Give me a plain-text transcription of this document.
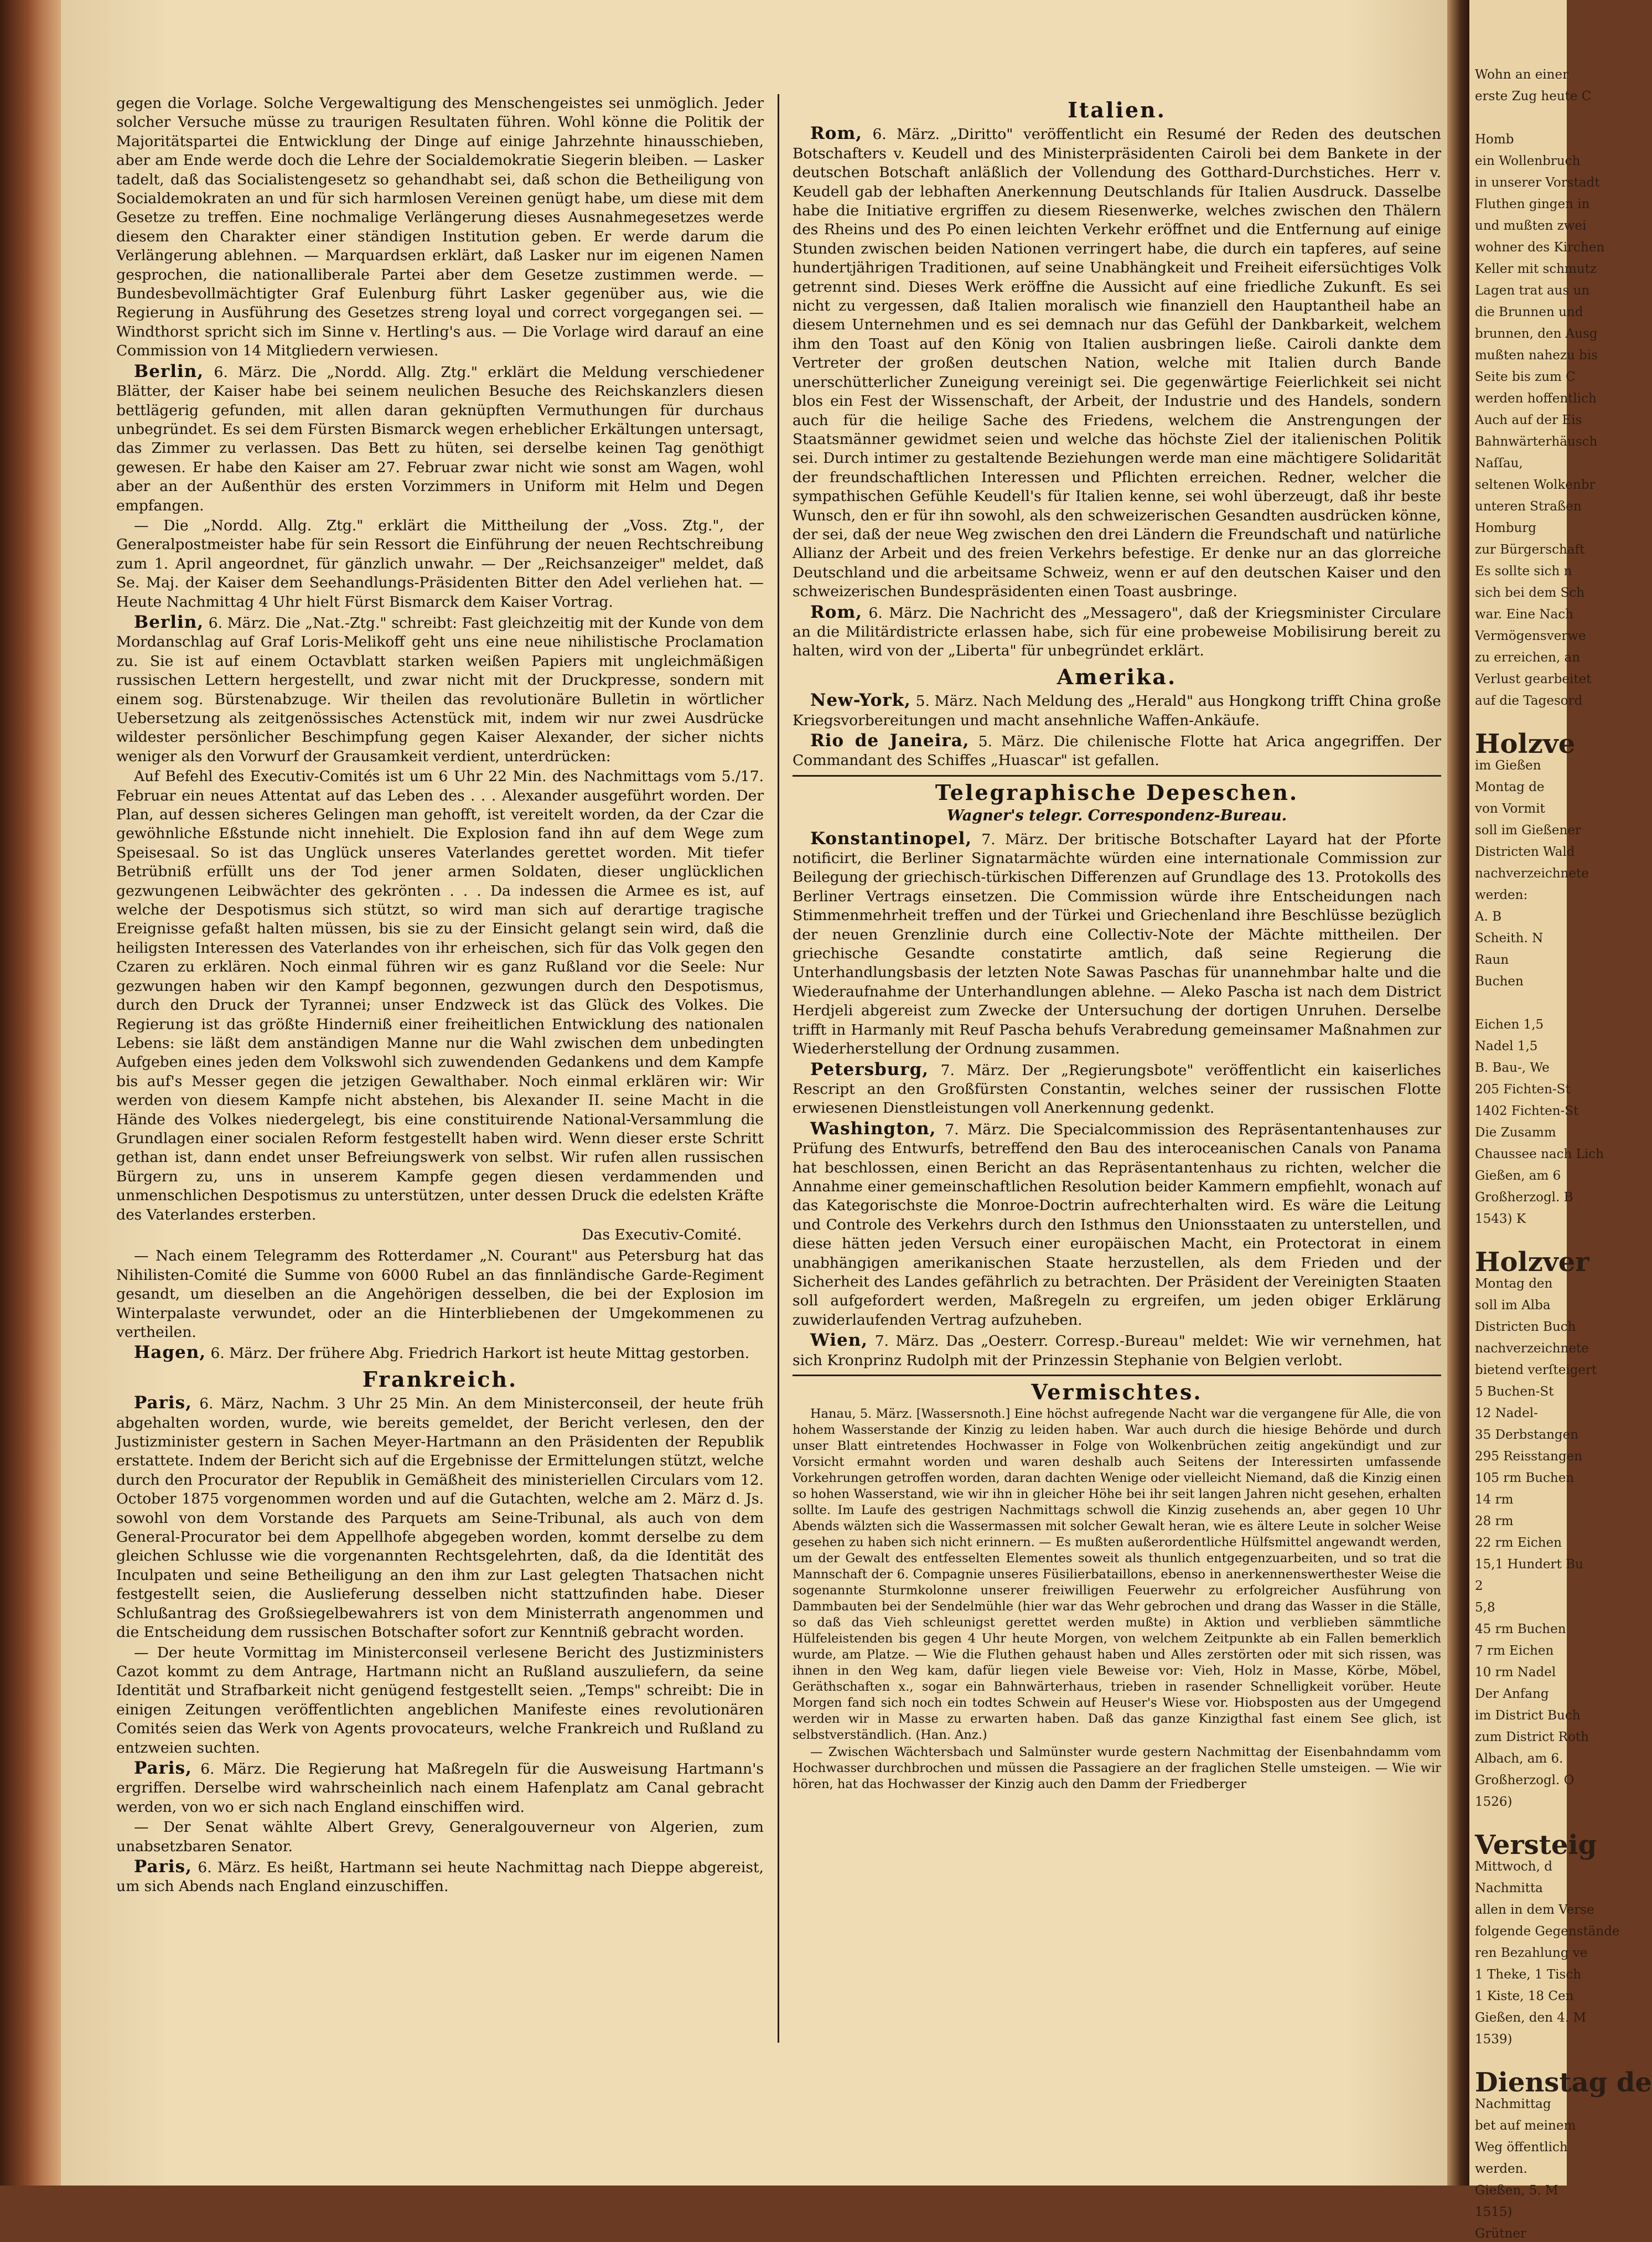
Wohn an einer
erste Zug heute C
Homb
ein Wollenbruch
in unserer Vorstadt
Fluthen gingen in
und mußten zwei
wohner des Kirchen
Keller mit schmutz
Lagen trat aus un
die Brunnen und
brunnen, den Ausg
mußten nahezu bis
Seite bis zum C
werden hoffentlich
Auch auf der Eis
Bahnwärterhäusch
Naſſau,
seltenen Wolkenbr
unteren Straßen
Homburg
zur Bürgerschaft
Es sollte sich n
sich bei dem Sch
war. Eine Nach
Vermögensverwe
zu erreichen, an
Verlust gearbeitet
auf die Tagesord
Holzve
im Gießen
Montag de
von Vormit
soll im Gießener
Districten Wald
nachverzeichnete
werden:
A. B
Scheith. N
Raun
Buchen
Eichen 1,5
Nadel 1,5
B. Bau-, We
205 Fichten-St
1402 Fichten-St
Die Zusamm
Chaussee nach Lich
Gießen, am 6
Großherzogl. B
1543) K
Holzver
Montag den
soll im Alba
Districten Buch
nachverzeichnete
bietend verſteigert
5 Buchen-St
12 Nadel-
35 Derbstangen
295 Reisstangen
105 rm Buchen
14 rm
28 rm
22 rm Eichen
15,1 Hundert Bu
2
5,8
45 rm Buchen
7 rm Eichen
10 rm Nadel
Der Anfang
im District Buch
zum District Roth
Albach, am 6.
Großherzogl. O
1526)
Versteig
Mittwoch, d
Nachmitta
allen in dem Verse
folgende Gegenstände
ren Bezahlung ve
1 Theke, 1 Tisch
1 Kiste, 18 Cen
Gießen, den 4. M
1539)
Dienstag de
Nachmittag
bet auf meinem
Weg öffentlich
werden.
Gießen, 5. M
1515)
Grütner

gegen die Vorlage. Solche Vergewaltigung des Menschengeistes sei unmöglich. Jeder solcher Versuche müsse zu traurigen Resultaten führen. Wohl könne die Politik der Majoritätspartei die Entwicklung der Dinge auf einige Jahrzehnte hinausschieben, aber am Ende werde doch die Lehre der Socialdemokratie Siegerin bleiben. — Lasker tadelt, daß das Socialistengesetz so gehandhabt sei, daß schon die Betheiligung von Socialdemokraten an und für sich harmlosen Vereinen genügt habe, um diese mit dem Gesetze zu treffen. Eine nochmalige Verlängerung dieses Ausnahmegesetzes werde diesem den Charakter einer ständigen Institution geben. Er werde darum die Verlängerung ablehnen. — Marquardsen erklärt, daß Lasker nur im eigenen Namen gesprochen, die nationalliberale Partei aber dem Gesetze zustimmen werde. — Bundesbevollmächtigter Graf Eulenburg führt Lasker gegenüber aus, wie die Regierung in Ausführung des Gesetzes streng loyal und correct vorgegangen sei. — Windthorst spricht sich im Sinne v. Hertling's aus. — Die Vorlage wird darauf an eine Commission von 14 Mitgliedern verwiesen.

Berlin, 6. März. Die „Nordd. Allg. Ztg." erklärt die Meldung verschiedener Blätter, der Kaiser habe bei seinem neulichen Besuche des Reichskanzlers diesen bettlägerig gefunden, mit allen daran geknüpften Vermuthungen für durchaus unbegründet. Es sei dem Fürsten Bismarck wegen erheblicher Erkältungen untersagt, das Zimmer zu verlassen. Das Bett zu hüten, sei derselbe keinen Tag genöthigt gewesen. Er habe den Kaiser am 27. Februar zwar nicht wie sonst am Wagen, wohl aber an der Außenthür des ersten Vorzimmers in Uniform mit Helm und Degen empfangen.

— Die „Nordd. Allg. Ztg." erklärt die Mittheilung der „Voss. Ztg.", der Generalpostmeister habe für sein Ressort die Einführung der neuen Rechtschreibung zum 1. April angeordnet, für gänzlich unwahr. — Der „Reichsanzeiger" meldet, daß Se. Maj. der Kaiser dem Seehandlungs-Präsidenten Bitter den Adel verliehen hat. — Heute Nachmittag 4 Uhr hielt Fürst Bismarck dem Kaiser Vortrag.

Berlin, 6. März. Die „Nat.-Ztg." schreibt: Fast gleichzeitig mit der Kunde von dem Mordanschlag auf Graf Loris-Melikoff geht uns eine neue nihilistische Proclamation zu. Sie ist auf einem Octavblatt starken weißen Papiers mit ungleichmäßigen russischen Lettern hergestellt, und zwar nicht mit der Druckpresse, sondern mit einem sog. Bürstenabzuge. Wir theilen das revolutionäre Bulletin in wörtlicher Uebersetzung als zeitgenössisches Actenstück mit, indem wir nur zwei Ausdrücke wildester persönlicher Beschimpfung gegen Kaiser Alexander, der sicher nichts weniger als den Vorwurf der Grausamkeit verdient, unterdrücken:

Auf Befehl des Executiv-Comités ist um 6 Uhr 22 Min. des Nachmittags vom 5./17. Februar ein neues Attentat auf das Leben des . . . Alexander ausgeführt worden. Der Plan, auf dessen sicheres Gelingen man gehofft, ist vereitelt worden, da der Czar die gewöhnliche Eßstunde nicht innehielt. Die Explosion fand ihn auf dem Wege zum Speisesaal. So ist das Unglück unseres Vaterlandes gerettet worden. Mit tiefer Betrübniß erfüllt uns der Tod jener armen Soldaten, dieser unglücklichen gezwungenen Leibwächter des gekrönten . . . Da indessen die Armee es ist, auf welche der Despotismus sich stützt, so wird man sich auf derartige tragische Ereignisse gefaßt halten müssen, bis sie zu der Einsicht gelangt sein wird, daß die heiligsten Interessen des Vaterlandes von ihr erheischen, sich für das Volk gegen den Czaren zu erklären. Noch einmal führen wir es ganz Rußland vor die Seele: Nur gezwungen haben wir den Kampf begonnen, gezwungen durch den Despotismus, durch den Druck der Tyrannei; unser Endzweck ist das Glück des Volkes. Die Regierung ist das größte Hinderniß einer freiheitlichen Entwicklung des nationalen Lebens: sie läßt dem anständigen Manne nur die Wahl zwischen dem unbedingten Aufgeben eines jeden dem Volkswohl sich zuwendenden Gedankens und dem Kampfe bis auf's Messer gegen die jetzigen Gewalthaber. Noch einmal erklären wir: Wir werden von diesem Kampfe nicht abstehen, bis Alexander II. seine Macht in die Hände des Volkes niedergelegt, bis eine constituirende National-Versammlung die Grundlagen einer socialen Reform festgestellt haben wird. Wenn dieser erste Schritt gethan ist, dann endet unser Befreiungswerk von selbst. Wir rufen allen russischen Bürgern zu, uns in unserem Kampfe gegen diesen verdammenden und unmenschlichen Despotismus zu unterstützen, unter dessen Druck die edelsten Kräfte des Vaterlandes ersterben.

Das Executiv-Comité.

— Nach einem Telegramm des Rotterdamer „N. Courant" aus Petersburg hat das Nihilisten-Comité die Summe von 6000 Rubel an das finnländische Garde-Regiment gesandt, um dieselben an die Angehörigen desselben, die bei der Explosion im Winterpalaste verwundet, oder an die Hinterbliebenen der Umgekommenen zu vertheilen.

Hagen, 6. März. Der frühere Abg. Friedrich Harkort ist heute Mittag gestorben.

Frankreich.

Paris, 6. März, Nachm. 3 Uhr 25 Min. An dem Ministerconseil, der heute früh abgehalten worden, wurde, wie bereits gemeldet, der Bericht verlesen, den der Justizminister gestern in Sachen Meyer-Hartmann an den Präsidenten der Republik erstattete. Indem der Bericht sich auf die Ergebnisse der Ermittelungen stützt, welche durch den Procurator der Republik in Gemäßheit des ministeriellen Circulars vom 12. October 1875 vorgenommen worden und auf die Gutachten, welche am 2. März d. Js. sowohl von dem Vorstande des Parquets am Seine-Tribunal, als auch von dem General-Procurator bei dem Appellhofe abgegeben worden, kommt derselbe zu dem gleichen Schlusse wie die vorgenannten Rechtsgelehrten, daß, da die Identität des Inculpaten und seine Betheiligung an den ihm zur Last gelegten Thatsachen nicht festgestellt seien, die Auslieferung desselben nicht stattzufinden habe. Dieser Schlußantrag des Großsiegelbewahrers ist von dem Ministerrath angenommen und die Entscheidung dem russischen Botschafter sofort zur Kenntniß gebracht worden.

— Der heute Vormittag im Ministerconseil verlesene Bericht des Justizministers Cazot kommt zu dem Antrage, Hartmann nicht an Rußland auszuliefern, da seine Identität und Strafbarkeit nicht genügend festgestellt seien. „Temps" schreibt: Die in einigen Zeitungen veröffentlichten angeblichen Manifeste eines revolutionären Comités seien das Werk von Agents provocateurs, welche Frankreich und Rußland zu entzweien suchten.

Paris, 6. März. Die Regierung hat Maßregeln für die Ausweisung Hartmann's ergriffen. Derselbe wird wahrscheinlich nach einem Hafenplatz am Canal gebracht werden, von wo er sich nach England einschiffen wird.

— Der Senat wählte Albert Grevy, Generalgouverneur von Algerien, zum unabsetzbaren Senator.

Paris, 6. März. Es heißt, Hartmann sei heute Nachmittag nach Dieppe abgereist, um sich Abends nach England einzuschiffen.

Italien.

Rom, 6. März. „Diritto" veröffentlicht ein Resumé der Reden des deutschen Botschafters v. Keudell und des Ministerpräsidenten Cairoli bei dem Bankete in der deutschen Botschaft anläßlich der Vollendung des Gotthard-Durchstiches. Herr v. Keudell gab der lebhaften Anerkennung Deutschlands für Italien Ausdruck. Dasselbe habe die Initiative ergriffen zu diesem Riesenwerke, welches zwischen den Thälern des Rheins und des Po einen leichten Verkehr eröffnet und die Entfernung auf einige Stunden zwischen beiden Nationen verringert habe, die durch ein tapferes, auf seine hundertjährigen Traditionen, auf seine Unabhängkeit und Freiheit eifersüchtiges Volk getrennt sind. Dieses Werk eröffne die Aussicht auf eine friedliche Zukunft. Es sei nicht zu vergessen, daß Italien moralisch wie finanziell den Hauptantheil habe an diesem Unternehmen und es sei demnach nur das Gefühl der Dankbarkeit, welchem ihm den Toast auf den König von Italien ausbringen ließe. Cairoli dankte dem Vertreter der großen deutschen Nation, welche mit Italien durch Bande unerschütterlicher Zuneigung vereinigt sei. Die gegenwärtige Feierlichkeit sei nicht blos ein Fest der Wissenschaft, der Arbeit, der Industrie und des Handels, sondern auch für die heilige Sache des Friedens, welchem die Anstrengungen der Staatsmänner gewidmet seien und welche das höchste Ziel der italienischen Politik sei. Durch intimer zu gestaltende Beziehungen werde man eine mächtigere Solidarität der freundschaftlichen Interessen und Pflichten erreichen. Redner, welcher die sympathischen Gefühle Keudell's für Italien kenne, sei wohl überzeugt, daß ihr beste Wunsch, den er für ihn sowohl, als den schweizerischen Gesandten ausdrücken könne, der sei, daß der neue Weg zwischen den drei Ländern die Freundschaft und natürliche Allianz der Arbeit und des freien Verkehrs befestige. Er denke nur an das glorreiche Deutschland und die arbeitsame Schweiz, wenn er auf den deutschen Kaiser und den schweizerischen Bundespräsidenten einen Toast ausbringe.

Rom, 6. März. Die Nachricht des „Messagero", daß der Kriegsminister Circulare an die Militärdistricte erlassen habe, sich für eine probeweise Mobilisirung bereit zu halten, wird von der „Liberta" für unbegründet erklärt.

Amerika.

New-York, 5. März. Nach Meldung des „Herald" aus Hongkong trifft China große Kriegsvorbereitungen und macht ansehnliche Waffen-Ankäufe.

Rio de Janeira, 5. März. Die chilenische Flotte hat Arica angegriffen. Der Commandant des Schiffes „Huascar" ist gefallen.

Telegraphische Depeschen.
Wagner's telegr. Correspondenz-Bureau.

Konstantinopel, 7. März. Der britische Botschafter Layard hat der Pforte notificirt, die Berliner Signatarmächte würden eine internationale Commission zur Beilegung der griechisch-türkischen Differenzen auf Grundlage des 13. Protokolls des Berliner Vertrags einsetzen. Die Commission würde ihre Entscheidungen nach Stimmenmehrheit treffen und der Türkei und Griechenland ihre Beschlüsse bezüglich der neuen Grenzlinie durch eine Collectiv-Note der Mächte mittheilen. Der griechische Gesandte constatirte amtlich, daß seine Regierung die Unterhandlungsbasis der letzten Note Sawas Paschas für unannehmbar halte und die Wiederaufnahme der Unterhandlungen ablehne. — Aleko Pascha ist nach dem District Herdjeli abgereist zum Zwecke der Untersuchung der dortigen Unruhen. Derselbe trifft in Harmanly mit Reuf Pascha behufs Verabredung gemeinsamer Maßnahmen zur Wiederherstellung der Ordnung zusammen.

Petersburg, 7. März. Der „Regierungsbote" veröffentlicht ein kaiserliches Rescript an den Großfürsten Constantin, welches seiner der russischen Flotte erwiesenen Dienstleistungen voll Anerkennung gedenkt.

Washington, 7. März. Die Specialcommission des Repräsentantenhauses zur Prüfung des Entwurfs, betreffend den Bau des interoceanischen Canals von Panama hat beschlossen, einen Bericht an das Repräsentantenhaus zu richten, welcher die Annahme einer gemeinschaftlichen Resolution beider Kammern empfiehlt, wonach auf das Kategorischste die Monroe-Doctrin aufrechterhalten wird. Es wäre die Leitung und Controle des Verkehrs durch den Isthmus den Unionsstaaten zu unterstellen, und diese hätten jeden Versuch einer europäischen Macht, ein Protectorat in einem unabhängigen amerikanischen Staate herzustellen, als dem Frieden und der Sicherheit des Landes gefährlich zu betrachten. Der Präsident der Vereinigten Staaten soll aufgefordert werden, Maßregeln zu ergreifen, um jeden obiger Erklärung zuwiderlaufenden Vertrag aufzuheben.

Wien, 7. März. Das „Oesterr. Corresp.-Bureau" meldet: Wie wir vernehmen, hat sich Kronprinz Rudolph mit der Prinzessin Stephanie von Belgien verlobt.

Vermischtes.

Hanau, 5. März. [Wassersnoth.] Eine höchst aufregende Nacht war die vergangene für Alle, die von hohem Wasserstande der Kinzig zu leiden haben. War auch durch die hiesige Behörde und durch unser Blatt eintretendes Hochwasser in Folge von Wolkenbrüchen zeitig angekündigt und zur Vorsicht ermahnt worden und waren deshalb auch Seitens der Interessirten umfassende Vorkehrungen getroffen worden, daran dachten Wenige oder vielleicht Niemand, daß die Kinzig einen so hohen Wasserstand, wie wir ihn in gleicher Höhe bei ihr seit langen Jahren nicht gesehen, erhalten sollte. Im Laufe des gestrigen Nachmittags schwoll die Kinzig zusehends an, aber gegen 10 Uhr Abends wälzten sich die Wassermassen mit solcher Gewalt heran, wie es ältere Leute in solcher Weise gesehen zu haben sich nicht erinnern. — Es mußten außerordentliche Hülfsmittel angewandt werden, um der Gewalt des entfesselten Elementes soweit als thunlich entgegenzuarbeiten, und so trat die Mannschaft der 6. Compagnie unseres Füsilierbataillons, ebenso in anerkennenswerthester Weise die sogenannte Sturmkolonne unserer freiwilligen Feuerwehr zu erfolgreicher Ausführung von Dammbauten bei der Sendelmühle (hier war das Wehr gebrochen und drang das Wasser in die Ställe, so daß das Vieh schleunigst gerettet werden mußte) in Aktion und verblieben sämmtliche Hülfeleistenden bis gegen 4 Uhr heute Morgen, von welchem Zeitpunkte ab ein Fallen bemerklich wurde, am Platze. — Wie die Fluthen gehaust haben und Alles zerstörten oder mit sich rissen, was ihnen in den Weg kam, dafür liegen viele Beweise vor: Vieh, Holz in Masse, Körbe, Möbel, Geräthschaften x., sogar ein Bahnwärterhaus, trieben in rasender Schnelligkeit vorüber. Heute Morgen fand sich noch ein todtes Schwein auf Heuser's Wiese vor. Hiobsposten aus der Umgegend werden wir in Masse zu erwarten haben. Daß das ganze Kinzigthal fast einem See glich, ist selbstverständlich. (Han. Anz.)

— Zwischen Wächtersbach und Salmünster wurde gestern Nachmittag der Eisenbahndamm vom Hochwasser durchbrochen und müssen die Passagiere an der fraglichen Stelle umsteigen. — Wie wir hören, hat das Hochwasser der Kinzig auch den Damm der Friedberger
